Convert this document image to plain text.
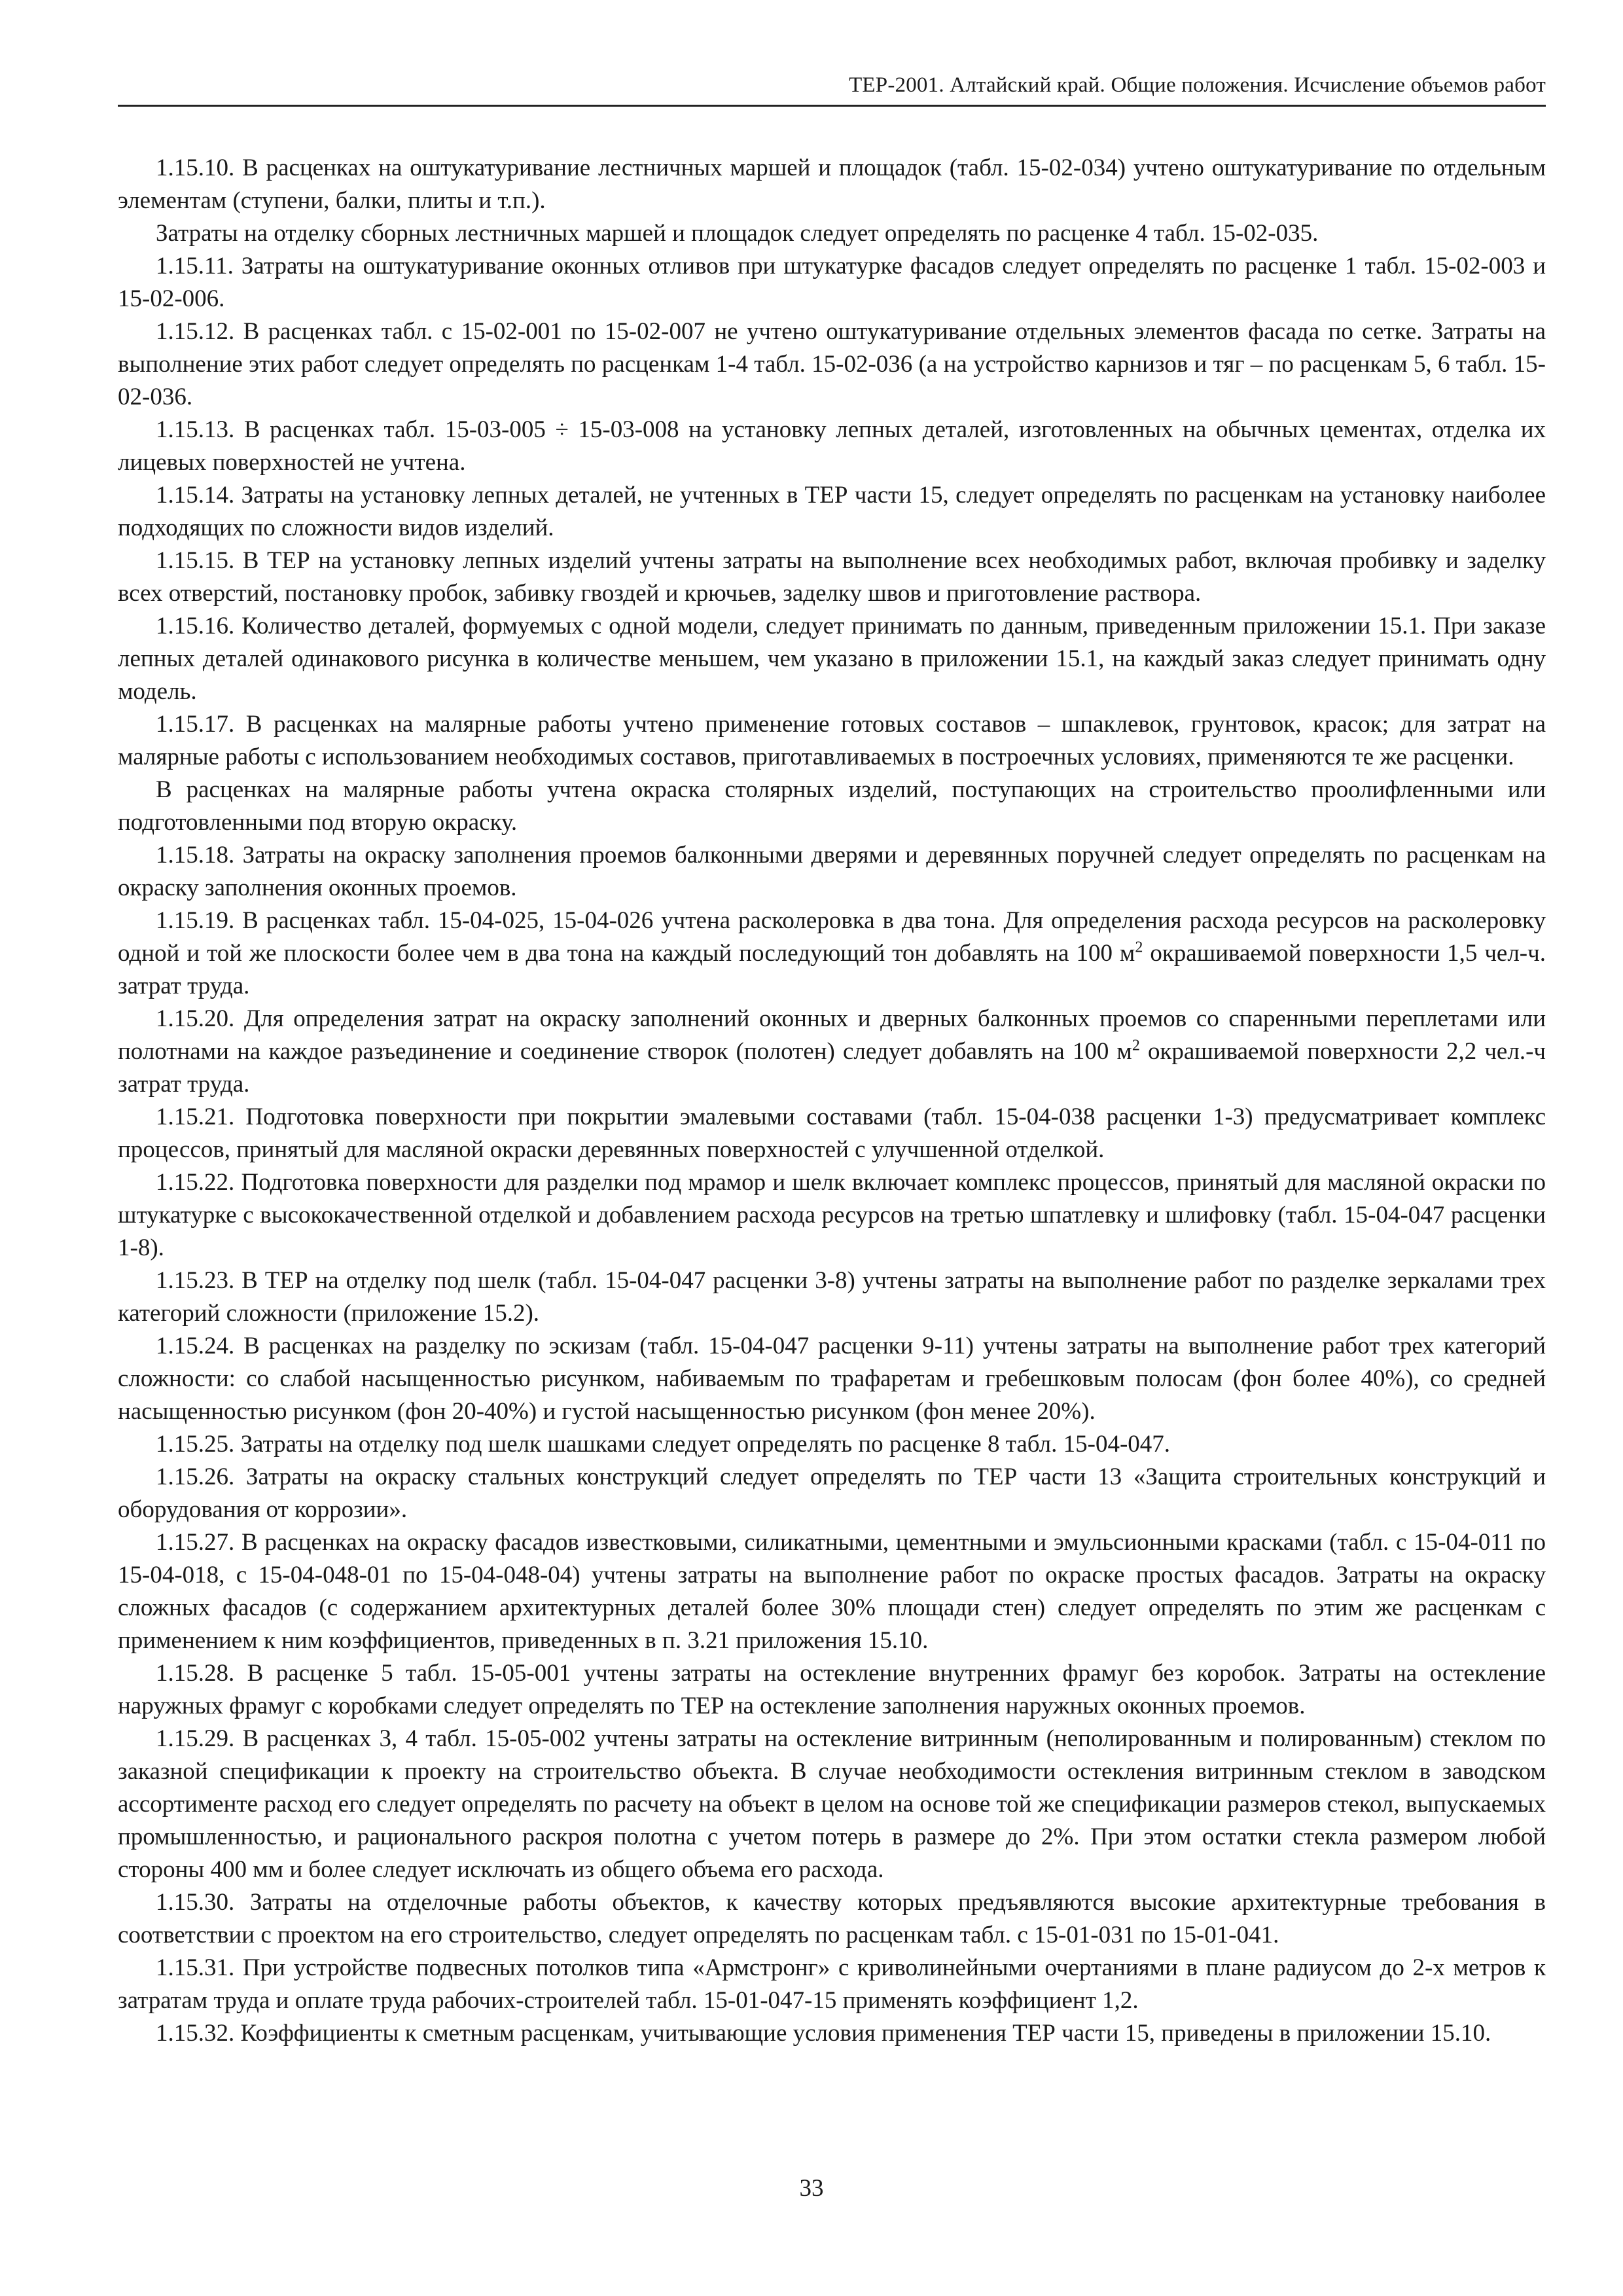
ТЕР-2001. Алтайский край. Общие положения. Исчисление объемов работ

1.15.10. В расценках на оштукатуривание лестничных маршей и площадок (табл. 15-02-034) учтено оштукатуривание по отдельным элементам (ступени, балки, плиты и т.п.).

Затраты на отделку сборных лестничных маршей и площадок следует определять по расценке 4 табл. 15-02-035.

1.15.11. Затраты на оштукатуривание оконных отливов при штукатурке фасадов следует определять по расценке 1 табл. 15-02-003 и 15-02-006.

1.15.12. В расценках табл. с 15-02-001 по 15-02-007 не учтено оштукатуривание отдельных элементов фасада по сетке. Затраты на выполнение этих работ следует определять по расценкам 1-4 табл. 15-02-036 (а на устройство карнизов и тяг – по расценкам 5, 6 табл. 15-02-036.

1.15.13. В расценках табл. 15-03-005 ÷ 15-03-008 на установку лепных деталей, изготовленных на обычных цементах, отделка их лицевых поверхностей не учтена.

1.15.14. Затраты на установку лепных деталей, не учтенных в ТЕР части 15, следует определять по расценкам на установку наиболее подходящих по сложности видов изделий.

1.15.15. В ТЕР на установку лепных изделий учтены затраты на выполнение всех необходимых работ, включая пробивку и заделку всех отверстий, постановку пробок, забивку гвоздей и крючьев, заделку швов и приготовление раствора.

1.15.16. Количество деталей, формуемых с одной модели, следует принимать по данным, приведенным приложении 15.1. При заказе лепных деталей одинакового рисунка в количестве меньшем, чем указано в приложении 15.1, на каждый заказ следует принимать одну модель.

1.15.17. В расценках на малярные работы учтено применение готовых составов – шпаклевок, грунтовок, красок; для затрат на малярные работы с использованием необходимых составов, приготавливаемых в построечных условиях, применяются те же расценки.

В расценках на малярные работы учтена окраска столярных изделий, поступающих на строительство проолифленными или подготовленными под вторую окраску.

1.15.18. Затраты на окраску заполнения проемов балконными дверями и деревянных поручней следует определять по расценкам на окраску заполнения оконных проемов.

1.15.19. В расценках табл. 15-04-025, 15-04-026 учтена расколеровка в два тона. Для определения расхода ресурсов на расколеровку одной и той же плоскости более чем в два тона на каждый последующий тон добавлять на 100 $м^2$ окрашиваемой поверхности 1,5 чел-ч. затрат труда.

1.15.20. Для определения затрат на окраску заполнений оконных и дверных балконных проемов со спаренными переплетами или полотнами на каждое разъединение и соединение створок (полотен) следует добавлять на 100 $м^2$ окрашиваемой поверхности 2,2 чел.-ч затрат труда.

1.15.21. Подготовка поверхности при покрытии эмалевыми составами (табл. 15-04-038 расценки 1-3) предусматривает комплекс процессов, принятый для масляной окраски деревянных поверхностей с улучшенной отделкой.

1.15.22. Подготовка поверхности для разделки под мрамор и шелк включает комплекс процессов, принятый для масляной окраски по штукатурке с высококачественной отделкой и добавлением расхода ресурсов на третью шпатлевку и шлифовку (табл. 15-04-047 расценки 1-8).

1.15.23. В ТЕР на отделку под шелк (табл. 15-04-047 расценки 3-8) учтены затраты на выполнение работ по разделке зеркалами трех категорий сложности (приложение 15.2).

1.15.24. В расценках на разделку по эскизам (табл. 15-04-047 расценки 9-11) учтены затраты на выполнение работ трех категорий сложности: со слабой насыщенностью рисунком, набиваемым по трафаретам и гребешковым полосам (фон более 40%), со средней насыщенностью рисунком (фон 20-40%) и густой насыщенностью рисунком (фон менее 20%).

1.15.25. Затраты на отделку под шелк шашками следует определять по расценке 8 табл. 15-04-047.

1.15.26. Затраты на окраску стальных конструкций следует определять по ТЕР части 13 «Защита строительных конструкций и оборудования от коррозии».

1.15.27. В расценках на окраску фасадов известковыми, силикатными, цементными и эмульсионными красками (табл. с 15-04-011 по 15-04-018, с 15-04-048-01 по 15-04-048-04) учтены затраты на выполнение работ по окраске простых фасадов. Затраты на окраску сложных фасадов (с содержанием архитектурных деталей более 30% площади стен) следует определять по этим же расценкам с применением к ним коэффициентов, приведенных в п. 3.21 приложения 15.10.

1.15.28. В расценке 5 табл. 15-05-001 учтены затраты на остекление внутренних фрамуг без коробок. Затраты на остекление наружных фрамуг с коробками следует определять по ТЕР на остекление заполнения наружных оконных проемов.

1.15.29. В расценках 3, 4 табл. 15-05-002 учтены затраты на остекление витринным (неполированным и полированным) стеклом по заказной спецификации к проекту на строительство объекта. В случае необходимости остекления витринным стеклом в заводском ассортименте расход его следует определять по расчету на объект в целом на основе той же спецификации размеров стекол, выпускаемых промышленностью, и рационального раскроя полотна с учетом потерь в размере до 2%. При этом остатки стекла размером любой стороны 400 мм и более следует исключать из общего объема его расхода.

1.15.30. Затраты на отделочные работы объектов, к качеству которых предъявляются высокие архитектурные требования в соответствии с проектом на его строительство, следует определять по расценкам табл. с 15-01-031 по 15-01-041.

1.15.31. При устройстве подвесных потолков типа «Армстронг» с криволинейными очертаниями в плане радиусом до 2-х метров к затратам труда и оплате труда рабочих-строителей табл. 15-01-047-15 применять коэффициент 1,2.

1.15.32. Коэффициенты к сметным расценкам, учитывающие условия применения ТЕР части 15, приведены в приложении 15.10.

33
